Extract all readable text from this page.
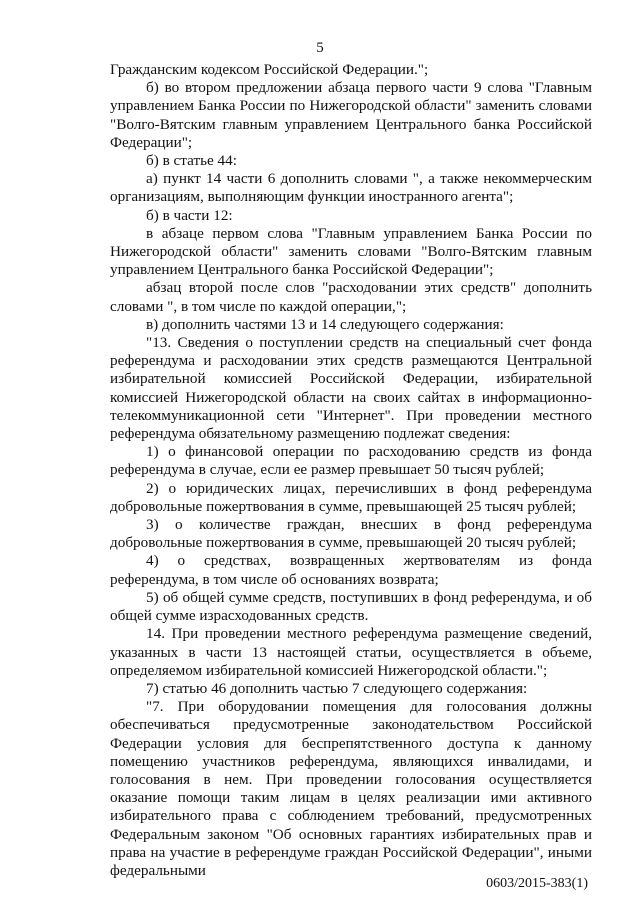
5

Гражданским кодексом Российской Федерации.";

б) во втором предложении абзаца первого части 9 слова "Главным управлением Банка России по Нижегородской области" заменить словами "Волго-Вятским главным управлением Центрального банка Российской Федерации";

б) в статье 44:

а) пункт 14 части 6 дополнить словами ", а также некоммерческим организациям, выполняющим функции иностранного агента";

б) в части 12:

в абзаце первом слова "Главным управлением Банка России по Нижегородской области" заменить словами "Волго-Вятским главным управлением Центрального банка Российской Федерации";

абзац второй после слов "расходовании этих средств" дополнить словами ", в том числе по каждой операции,";

в) дополнить частями 13 и 14 следующего содержания:

"13. Сведения о поступлении средств на специальный счет фонда референдума и расходовании этих средств размещаются Центральной избирательной комиссией Российской Федерации, избирательной комиссией Нижегородской области на своих сайтах в информационно-телекоммуникационной сети "Интернет". При проведении местного референдума обязательному размещению подлежат сведения:

1) о финансовой операции по расходованию средств из фонда референдума в случае, если ее размер превышает 50 тысяч рублей;

2) о юридических лицах, перечисливших в фонд референдума добровольные пожертвования в сумме, превышающей 25 тысяч рублей;

3) о количестве граждан, внесших в фонд референдума добровольные пожертвования в сумме, превышающей 20 тысяч рублей;

4) о средствах, возвращенных жертвователям из фонда референдума, в том числе об основаниях возврата;

5) об общей сумме средств, поступивших в фонд референдума, и об общей сумме израсходованных средств.

14. При проведении местного референдума размещение сведений, указанных в части 13 настоящей статьи, осуществляется в объеме, определяемом избирательной комиссией Нижегородской области.";

7) статью 46 дополнить частью 7 следующего содержания:

"7. При оборудовании помещения для голосования должны обеспечиваться предусмотренные законодательством Российской Федерации условия для беспрепятственного доступа к данному помещению участников референдума, являющихся инвалидами, и голосования в нем. При проведении голосования осуществляется оказание помощи таким лицам в целях реализации ими активного избирательного права с соблюдением требований, предусмотренных Федеральным законом "Об основных гарантиях избирательных прав и права на участие в референдуме граждан Российской Федерации", иными федеральными

0603/2015-383(1)
